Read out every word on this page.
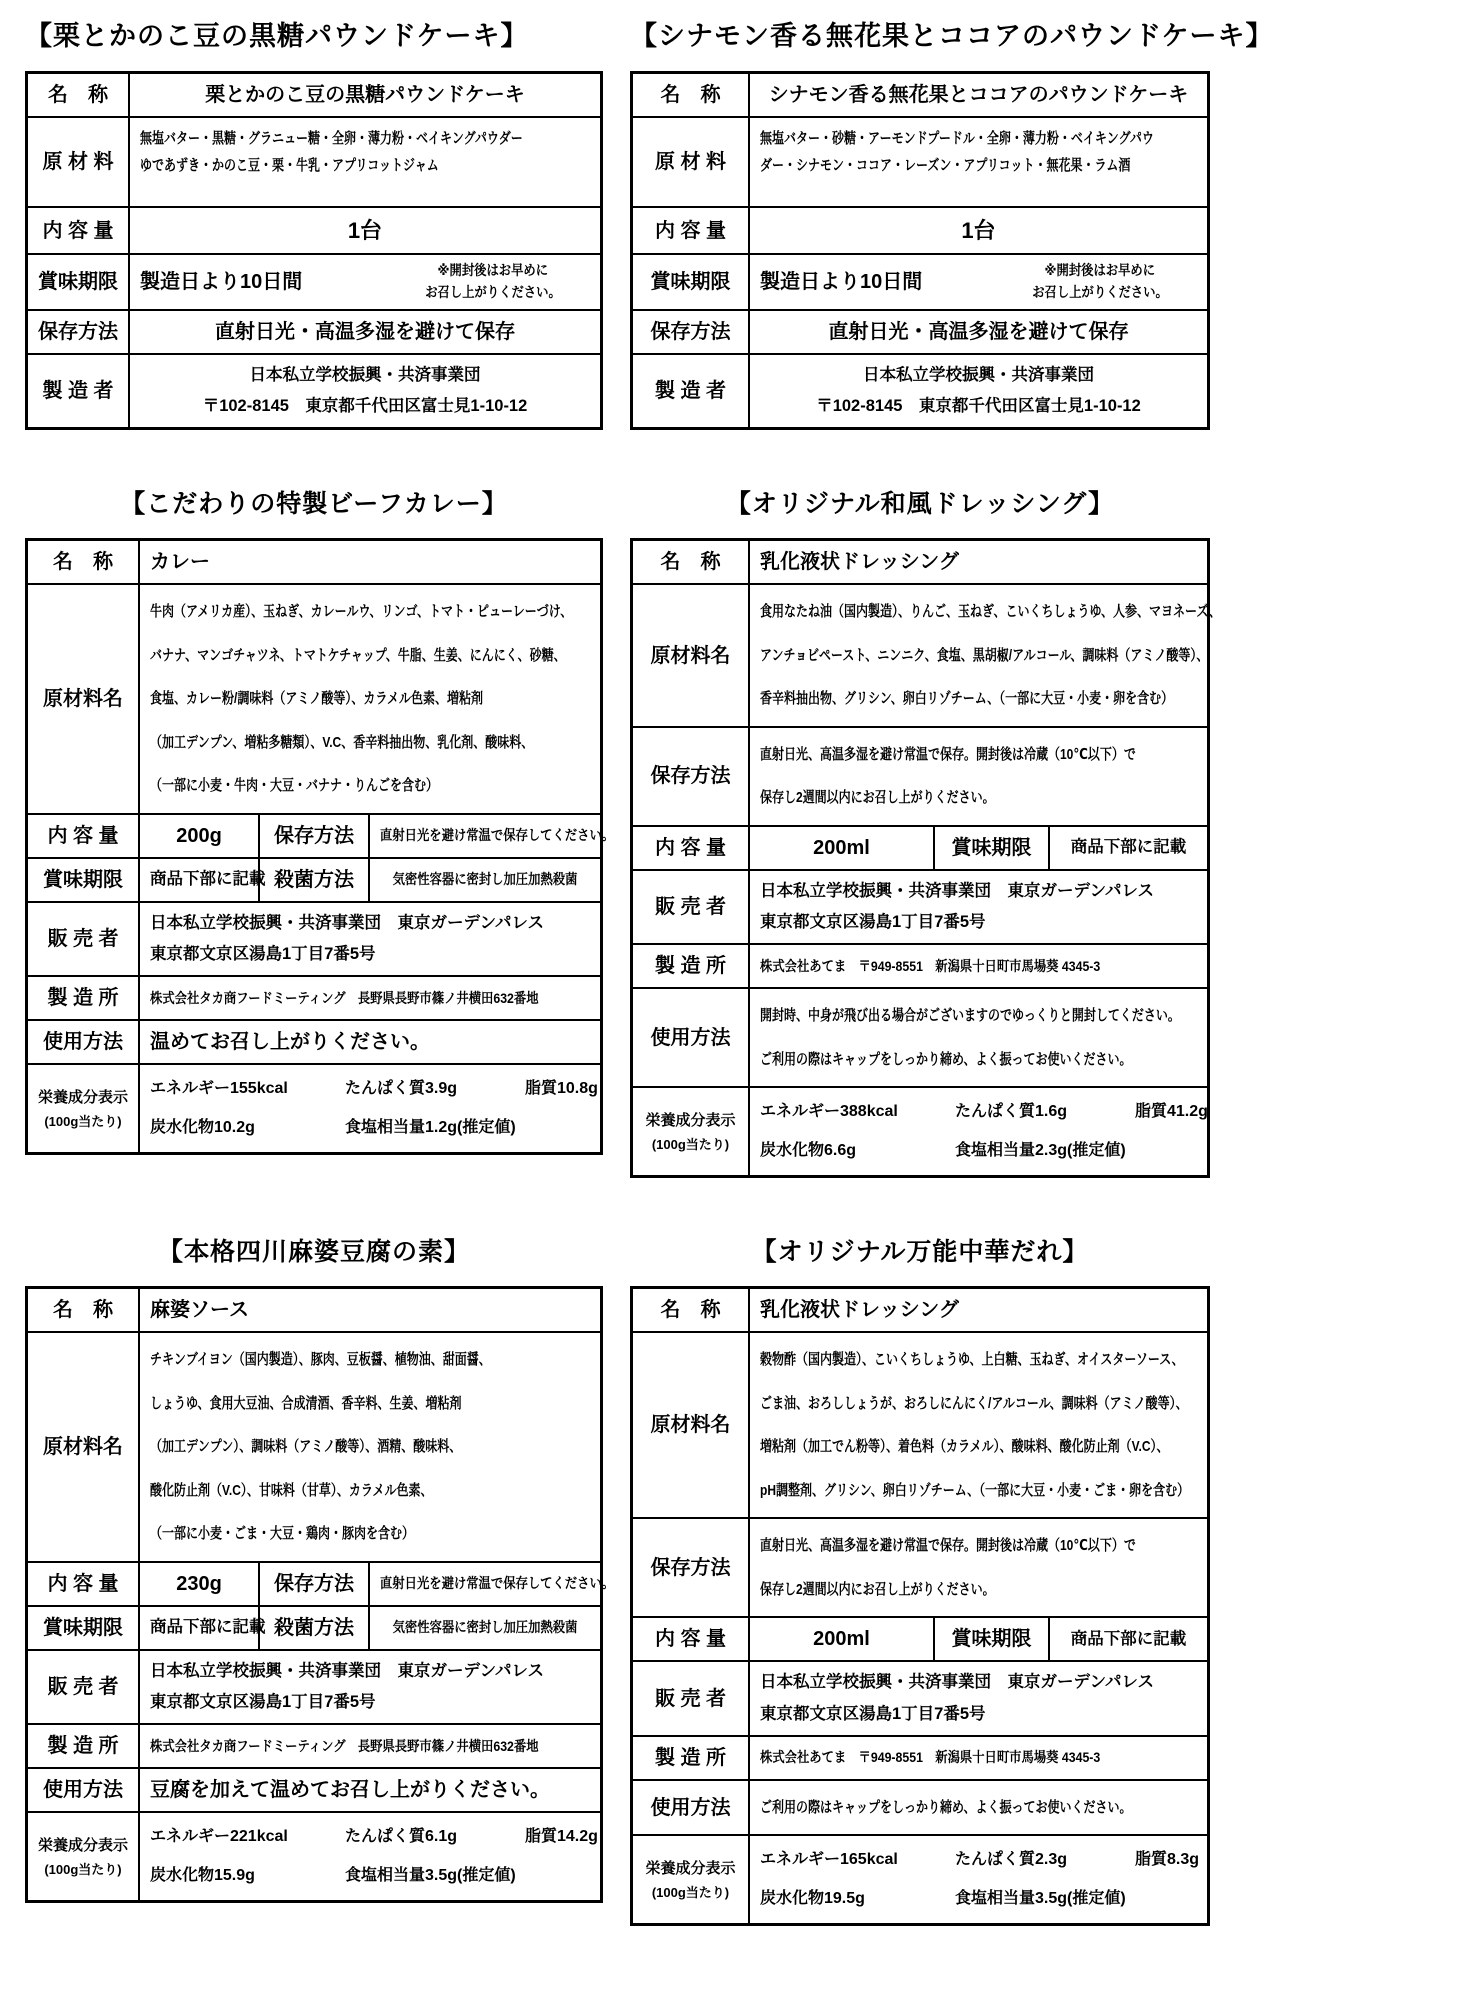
【栗とかのこ豆の黒糖パウンドケーキ】
名　称	栗とかのこ豆の黒糖パウンドケーキ
原 材 料
無塩バター・黒糖・グラニュー糖・全卵・薄力粉・ベイキングパウダー
ゆであずき・かのこ豆・栗・牛乳・アプリコットジャム
内 容 量	1台
賞味期限 製造日より10日間
※開封後はお早めに
お召し上がりください。
保存方法	直射日光・高温多湿を避けて保存
製 造 者
日本私立学校振興・共済事業団
〒102-8145　東京都千代田区富士見1-10-12
【シナモン香る無花果とココアのパウンドケーキ】
名　称 シナモン香る無花果とココアのパウンドケーキ
原 材 料
無塩バター・砂糖・アーモンドプードル・全卵・薄力粉・ベイキングパウ
ダー・シナモン・ココア・レーズン・アプリコット・無花果・ラム酒
内 容 量	1台
賞味期限 製造日より10日間
※開封後はお早めに
お召し上がりください。
保存方法	直射日光・高温多湿を避けて保存
製 造 者
日本私立学校振興・共済事業団
〒102-8145　東京都千代田区富士見1-10-12
【こだわりの特製ビーフカレー】
名　称 カレー
原材料名
牛肉（アメリカ産）、玉ねぎ、カレールウ、リンゴ、トマト・ピューレーづけ、
バナナ、マンゴチャツネ、トマトケチャップ、牛脂、生姜、にんにく、砂糖、
食塩、カレー粉/調味料（アミノ酸等）、カラメル色素、増粘剤
（加工デンプン、増粘多糖類）、V.C、香辛料抽出物、乳化剤、酸味料、
（一部に小麦・牛肉・大豆・バナナ・りんごを含む）
内 容 量	200g	保存方法 直射日光を避け常温で保存してください。
賞味期限 商品下部に記載 殺菌方法	気密性容器に密封し加圧加熱殺菌
販 売 者
日本私立学校振興・共済事業団　東京ガーデンパレス
東京都文京区湯島1丁目7番5号
製 造 所 株式会社タカ商フードミーティング　長野県長野市篠ノ井横田632番地
使用方法 温めてお召し上がりください。
栄養成分表示
(100g当たり)
エネルギー155kcal	たんぱく質3.9g	脂質10.8g
炭水化物10.2g	食塩相当量1.2g(推定値)
【オリジナル和風ドレッシング】
名　称 乳化液状ドレッシング
原材料名
食用なたね油（国内製造）、りんご、玉ねぎ、こいくちしょうゆ、人参、マヨネーズ、
アンチョビペースト、ニンニク、食塩、黒胡椒/アルコール、調味料（アミノ酸等）、
香辛料抽出物、グリシン、卵白リゾチーム、（一部に大豆・小麦・卵を含む）
保存方法
直射日光、高温多湿を避け常温で保存。開封後は冷蔵（10℃以下）で
保存し2週間以内にお召し上がりください。
内 容 量	200ml	賞味期限 商品下部に記載
販 売 者
日本私立学校振興・共済事業団　東京ガーデンパレス
東京都文京区湯島1丁目7番5号
製 造 所 株式会社あてま　〒949-8551　新潟県十日町市馬場葵 4345-3
使用方法
開封時、中身が飛び出る場合がございますのでゆっくりと開封してください。
ご利用の際はキャップをしっかり締め、よく振ってお使いください。
栄養成分表示
(100g当たり)
エネルギー388kcal	たんぱく質1.6g	脂質41.2g
炭水化物6.6g	食塩相当量2.3g(推定値)
【本格四川麻婆豆腐の素】
名　称 麻婆ソース
原材料名
チキンブイヨン（国内製造）、豚肉、豆板醤、植物油、甜面醤、
しょうゆ、食用大豆油、合成清酒、香辛料、生姜、増粘剤
（加工デンプン）、調味料（アミノ酸等）、酒精、酸味料、
酸化防止剤（V.C）、甘味料（甘草）、カラメル色素、
（一部に小麦・ごま・大豆・鶏肉・豚肉を含む）
内 容 量	230g	保存方法 直射日光を避け常温で保存してください。
賞味期限 商品下部に記載 殺菌方法	気密性容器に密封し加圧加熱殺菌
販 売 者
日本私立学校振興・共済事業団　東京ガーデンパレス
東京都文京区湯島1丁目7番5号
製 造 所 株式会社タカ商フードミーティング　長野県長野市篠ノ井横田632番地
使用方法 豆腐を加えて温めてお召し上がりください。
栄養成分表示
(100g当たり)
エネルギー221kcal	たんぱく質6.1g	脂質14.2g
炭水化物15.9g	食塩相当量3.5g(推定値)
【オリジナル万能中華だれ】
名　称 乳化液状ドレッシング
原材料名
穀物酢（国内製造）、こいくちしょうゆ、上白糖、玉ねぎ、オイスターソース、
ごま油、おろししょうが、おろしにんにく/アルコール、調味料（アミノ酸等）、
増粘剤（加工でん粉等）、着色料（カラメル）、酸味料、酸化防止剤（V.C）、
pH調整剤、グリシン、卵白リゾチーム、（一部に大豆・小麦・ごま・卵を含む）
保存方法
直射日光、高温多湿を避け常温で保存。開封後は冷蔵（10℃以下）で
保存し2週間以内にお召し上がりください。
内 容 量	200ml	賞味期限 商品下部に記載
販 売 者
日本私立学校振興・共済事業団　東京ガーデンパレス
東京都文京区湯島1丁目7番5号
製 造 所 株式会社あてま　〒949-8551　新潟県十日町市馬場葵 4345-3
使用方法 ご利用の際はキャップをしっかり締め、よく振ってお使いください。
栄養成分表示
(100g当たり)
エネルギー165kcal	たんぱく質2.3g	脂質8.3g
炭水化物19.5g	食塩相当量3.5g(推定値)
